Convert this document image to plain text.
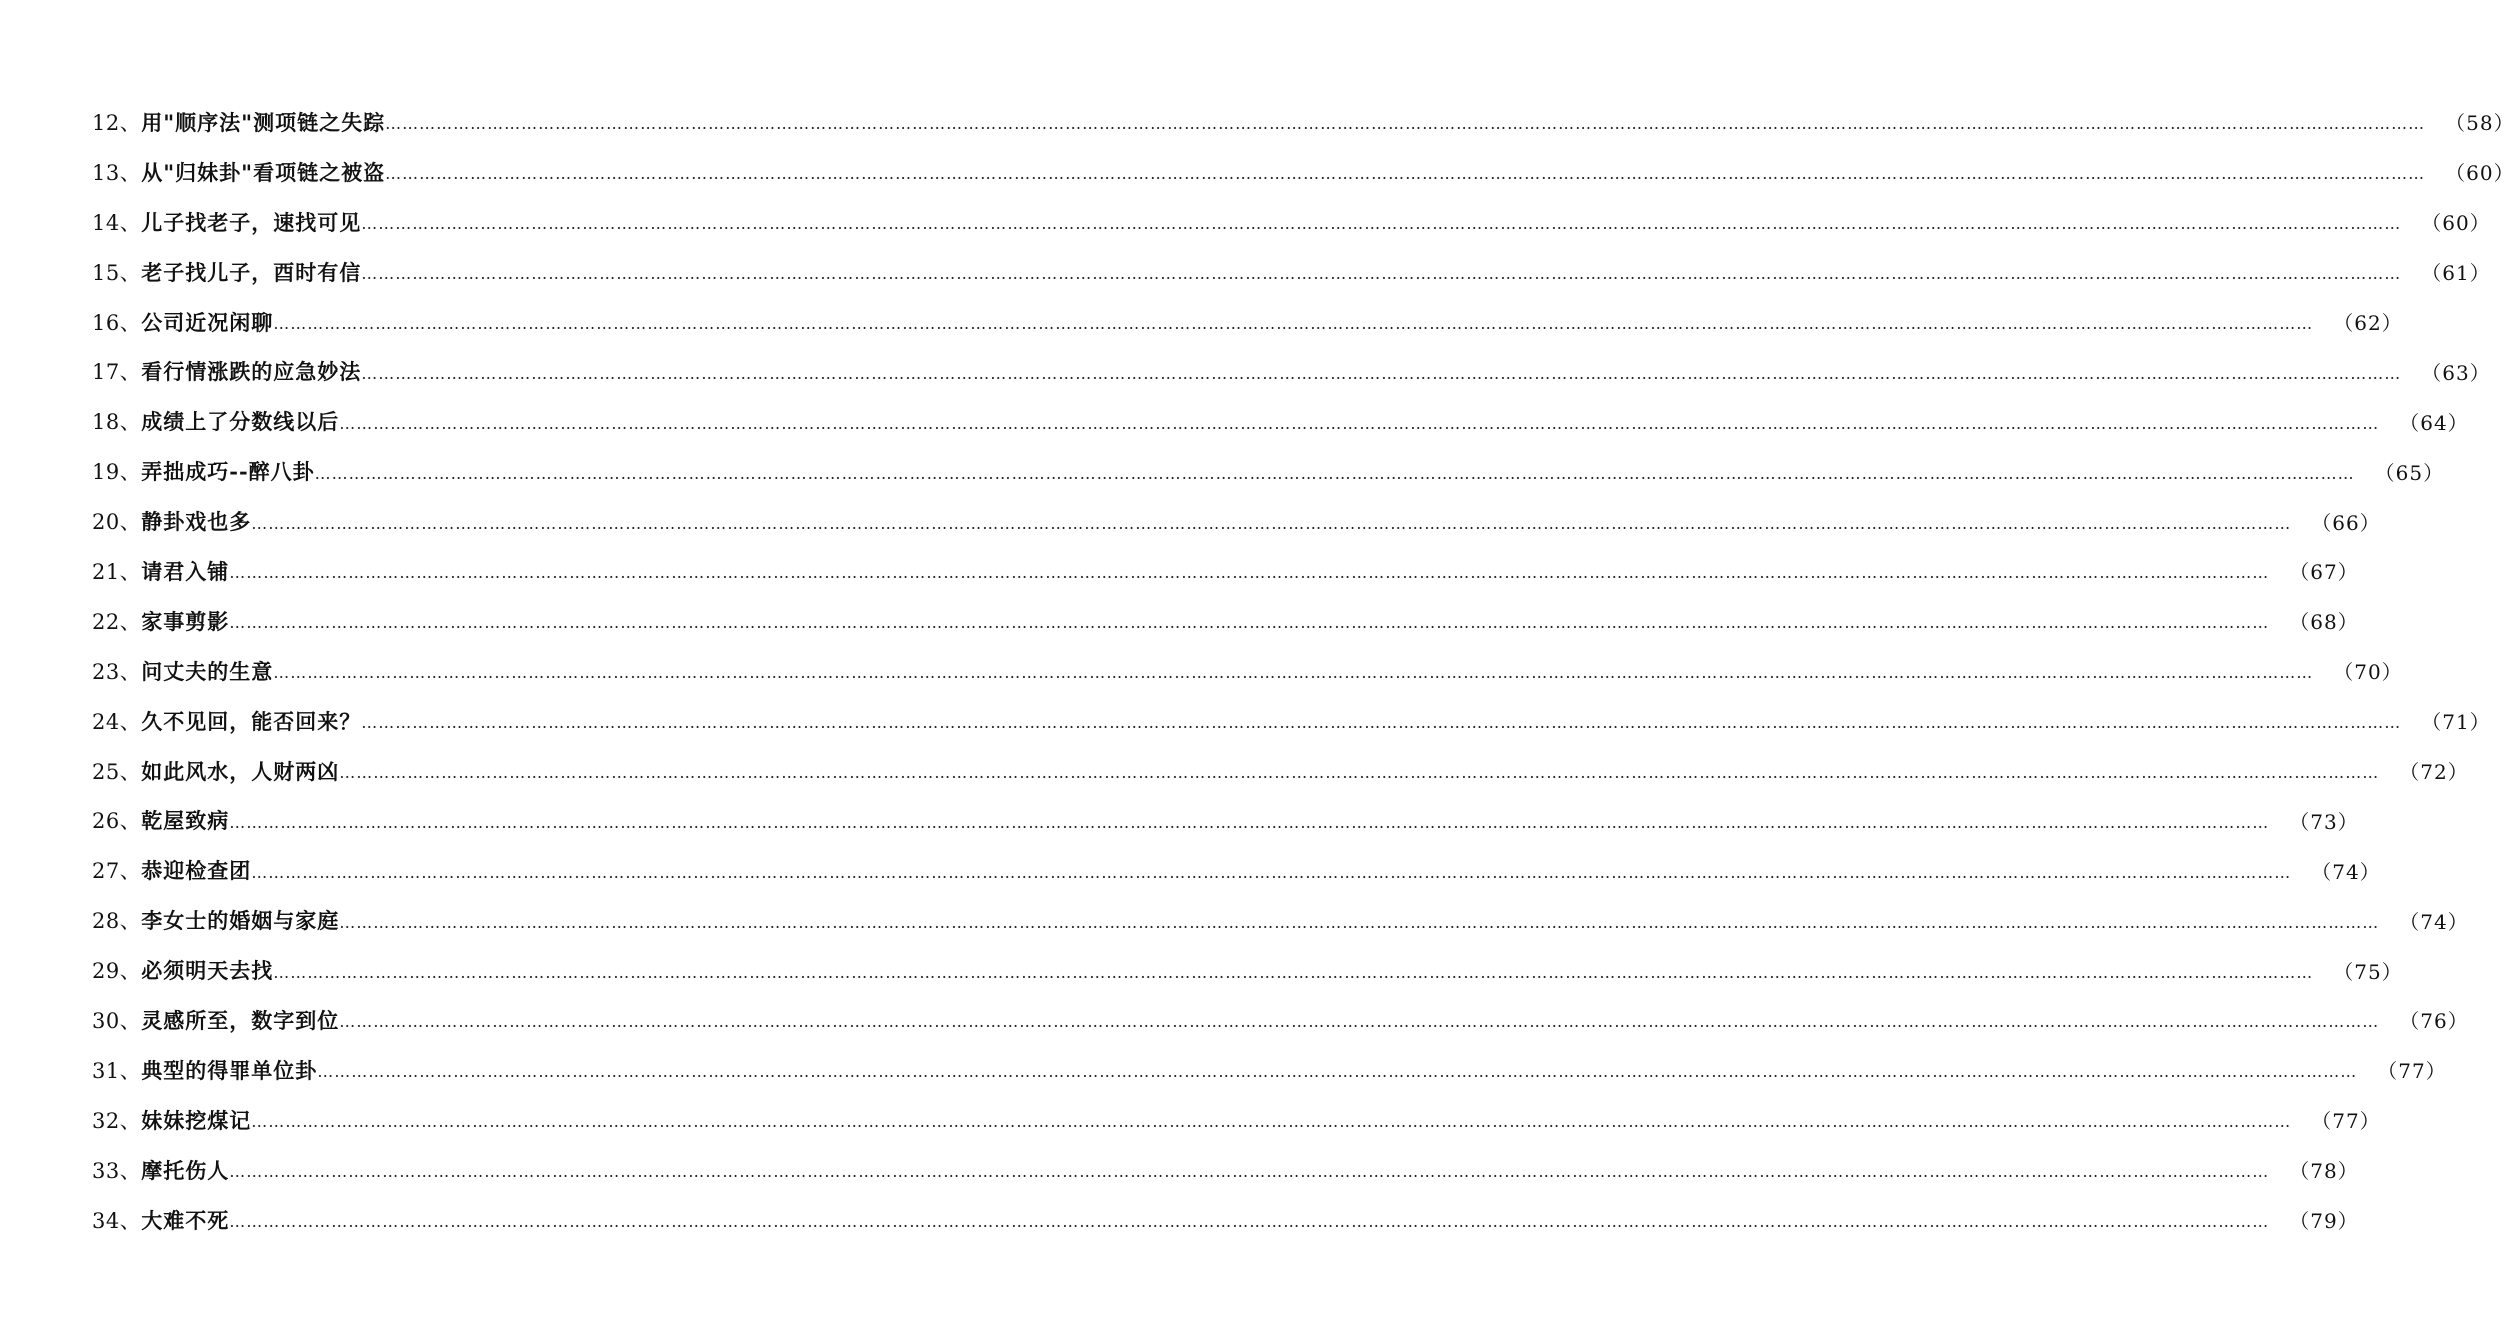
12、 用"顺序法"测项链之失踪 ……………………………………………………………………………………………………………………………………………………………………………………………………………………………………………………………………………………………………………………………… （58）
13、 从"归妹卦"看项链之被盗 ……………………………………………………………………………………………………………………………………………………………………………………………………………………………………………………………………………………………………………………………… （60）
14、 儿子找老子，速找可见 ……………………………………………………………………………………………………………………………………………………………………………………………………………………………………………………………………………………………………………………………… （60）
15、 老子找儿子，酉时有信 ……………………………………………………………………………………………………………………………………………………………………………………………………………………………………………………………………………………………………………………………… （61）
16、 公司近况闲聊 ……………………………………………………………………………………………………………………………………………………………………………………………………………………………………………………………………………………………………………………………… （62）
17、 看行情涨跌的应急妙法 ……………………………………………………………………………………………………………………………………………………………………………………………………………………………………………………………………………………………………………………………… （63）
18、 成绩上了分数线以后 ……………………………………………………………………………………………………………………………………………………………………………………………………………………………………………………………………………………………………………………………… （64）
19、 弄拙成巧--醉八卦 ……………………………………………………………………………………………………………………………………………………………………………………………………………………………………………………………………………………………………………………………… （65）
20、 静卦戏也多 ……………………………………………………………………………………………………………………………………………………………………………………………………………………………………………………………………………………………………………………………… （66）
21、 请君入铺 ……………………………………………………………………………………………………………………………………………………………………………………………………………………………………………………………………………………………………………………………… （67）
22、 家事剪影 ……………………………………………………………………………………………………………………………………………………………………………………………………………………………………………………………………………………………………………………………… （68）
23、 问丈夫的生意 ……………………………………………………………………………………………………………………………………………………………………………………………………………………………………………………………………………………………………………………………… （70）
24、 久不见回，能否回来？ ……………………………………………………………………………………………………………………………………………………………………………………………………………………………………………………………………………………………………………………………… （71）
25、 如此风水，人财两凶 ……………………………………………………………………………………………………………………………………………………………………………………………………………………………………………………………………………………………………………………………… （72）
26、 乾屋致病 ……………………………………………………………………………………………………………………………………………………………………………………………………………………………………………………………………………………………………………………………… （73）
27、 恭迎检查团 ……………………………………………………………………………………………………………………………………………………………………………………………………………………………………………………………………………………………………………………………… （74）
28、 李女士的婚姻与家庭 ……………………………………………………………………………………………………………………………………………………………………………………………………………………………………………………………………………………………………………………………… （74）
29、 必须明天去找 ……………………………………………………………………………………………………………………………………………………………………………………………………………………………………………………………………………………………………………………………… （75）
30、 灵感所至，数字到位 ……………………………………………………………………………………………………………………………………………………………………………………………………………………………………………………………………………………………………………………………… （76）
31、 典型的得罪单位卦 ……………………………………………………………………………………………………………………………………………………………………………………………………………………………………………………………………………………………………………………………… （77）
32、 妹妹挖煤记 ……………………………………………………………………………………………………………………………………………………………………………………………………………………………………………………………………………………………………………………………… （77）
33、 摩托伤人 ……………………………………………………………………………………………………………………………………………………………………………………………………………………………………………………………………………………………………………………………… （78）
34、 大难不死 ……………………………………………………………………………………………………………………………………………………………………………………………………………………………………………………………………………………………………………………………… （79）
